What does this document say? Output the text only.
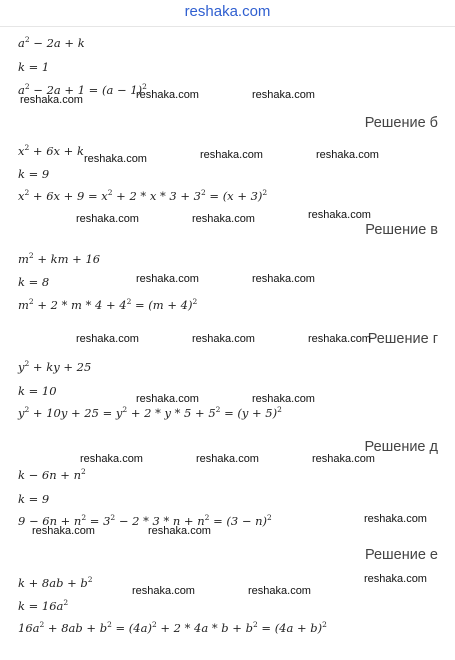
reshaka.com
$a^2 - 2a + k$
k = 1
$a^2 - 2a + 1 = (a - 1)^2$
Решение б
$x^2 + 6x + k$
k = 9
$x^2 + 6x + 9 = x^2 + 2 * x * 3 + 3^2 = (x + 3)^2$
Решение в
$m^2$ + km + 16
k = 8
$m^2 + 2 * m * 4 + 4^2 = (m + 4)^2$
Решение г
$y^2$ + ky + 25
k = 10
$y^2 + 10y + 25 = y^2 + 2 * y * 5 + 5^2 = (y + 5)^2$
Решение д
$k - 6n + n^2$
k = 9
$9 - 6n + n^2 = 3^2 - 2 * 3 * n + n^2 = (3 - n)^2$
Решение е
$k + 8ab + b^2$
$k = 16a^2$
$16a^2 + 8ab + b^2 = (4a)^2 + 2 * 4a * b + b^2 = (4a + b)^2$
reshaka.com	reshaka.com	reshaka.com
reshaka.com	reshaka.com	reshaka.com
reshaka.com	reshaka.com	reshaka.com
reshaka.com	reshaka.com
reshaka.com	reshaka.com	reshaka.com
reshaka.com	reshaka.com
reshaka.com	reshaka.com	reshaka.com
reshaka.com
reshaka.com	reshaka.com
reshaka.com
reshaka.com	reshaka.com
